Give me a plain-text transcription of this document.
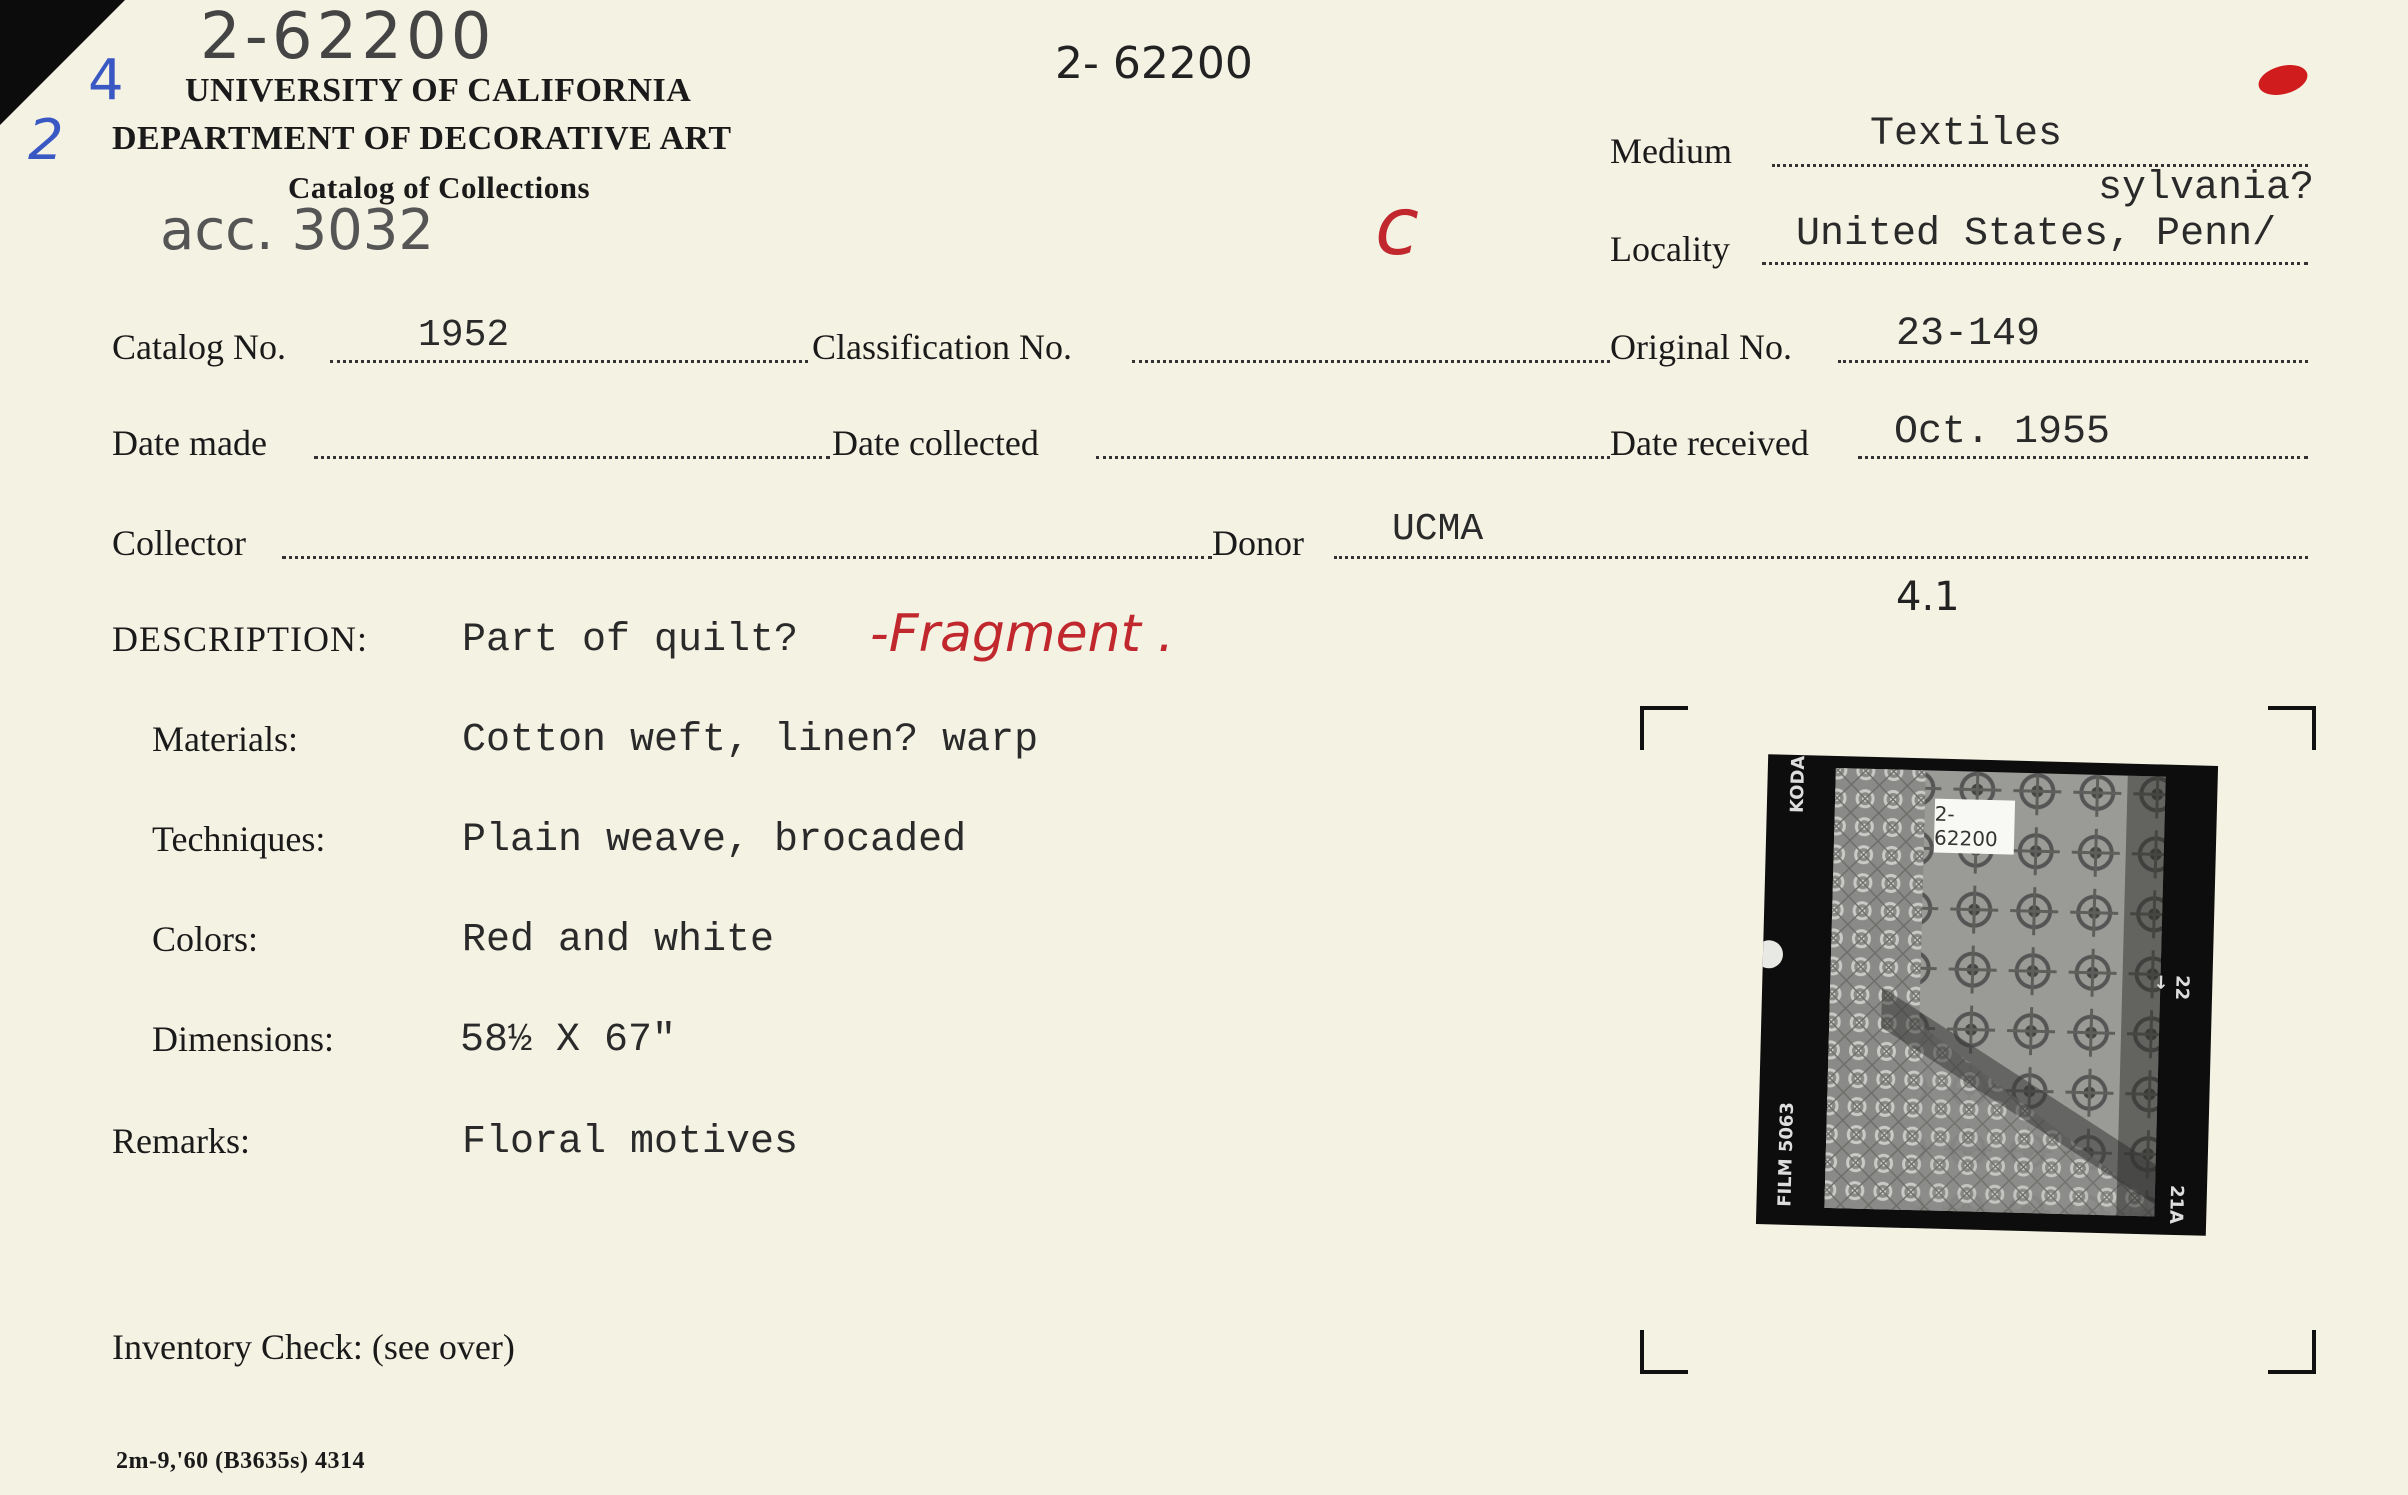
2-62200	2- 62200
2
4
acc. 3032	c
UNIVERSITY OF CALIFORNIA
DEPARTMENT OF DECORATIVE ART
Catalog of Collections
Medium	Textiles
sylvania?
Locality United States, Penn/
Catalog No.	1952	Classification No.	Original No.	23-149
Date made	Date collected	Date received Oct. 1955
Collector	Donor UCMA
4.1
DESCRIPTION: Part of quilt? -Fragment .
Materials:	Cotton weft, linen? warp
Techniques:	Plain weave, brocaded
Colors:	Red and white
Dimensions:	58½ X 67"
Remarks:	Floral motives
Inventory Check: (see over)
2m-9,'60 (B3635s) 4314
2-62200
KODA
FILM 5063
22 →
21A
